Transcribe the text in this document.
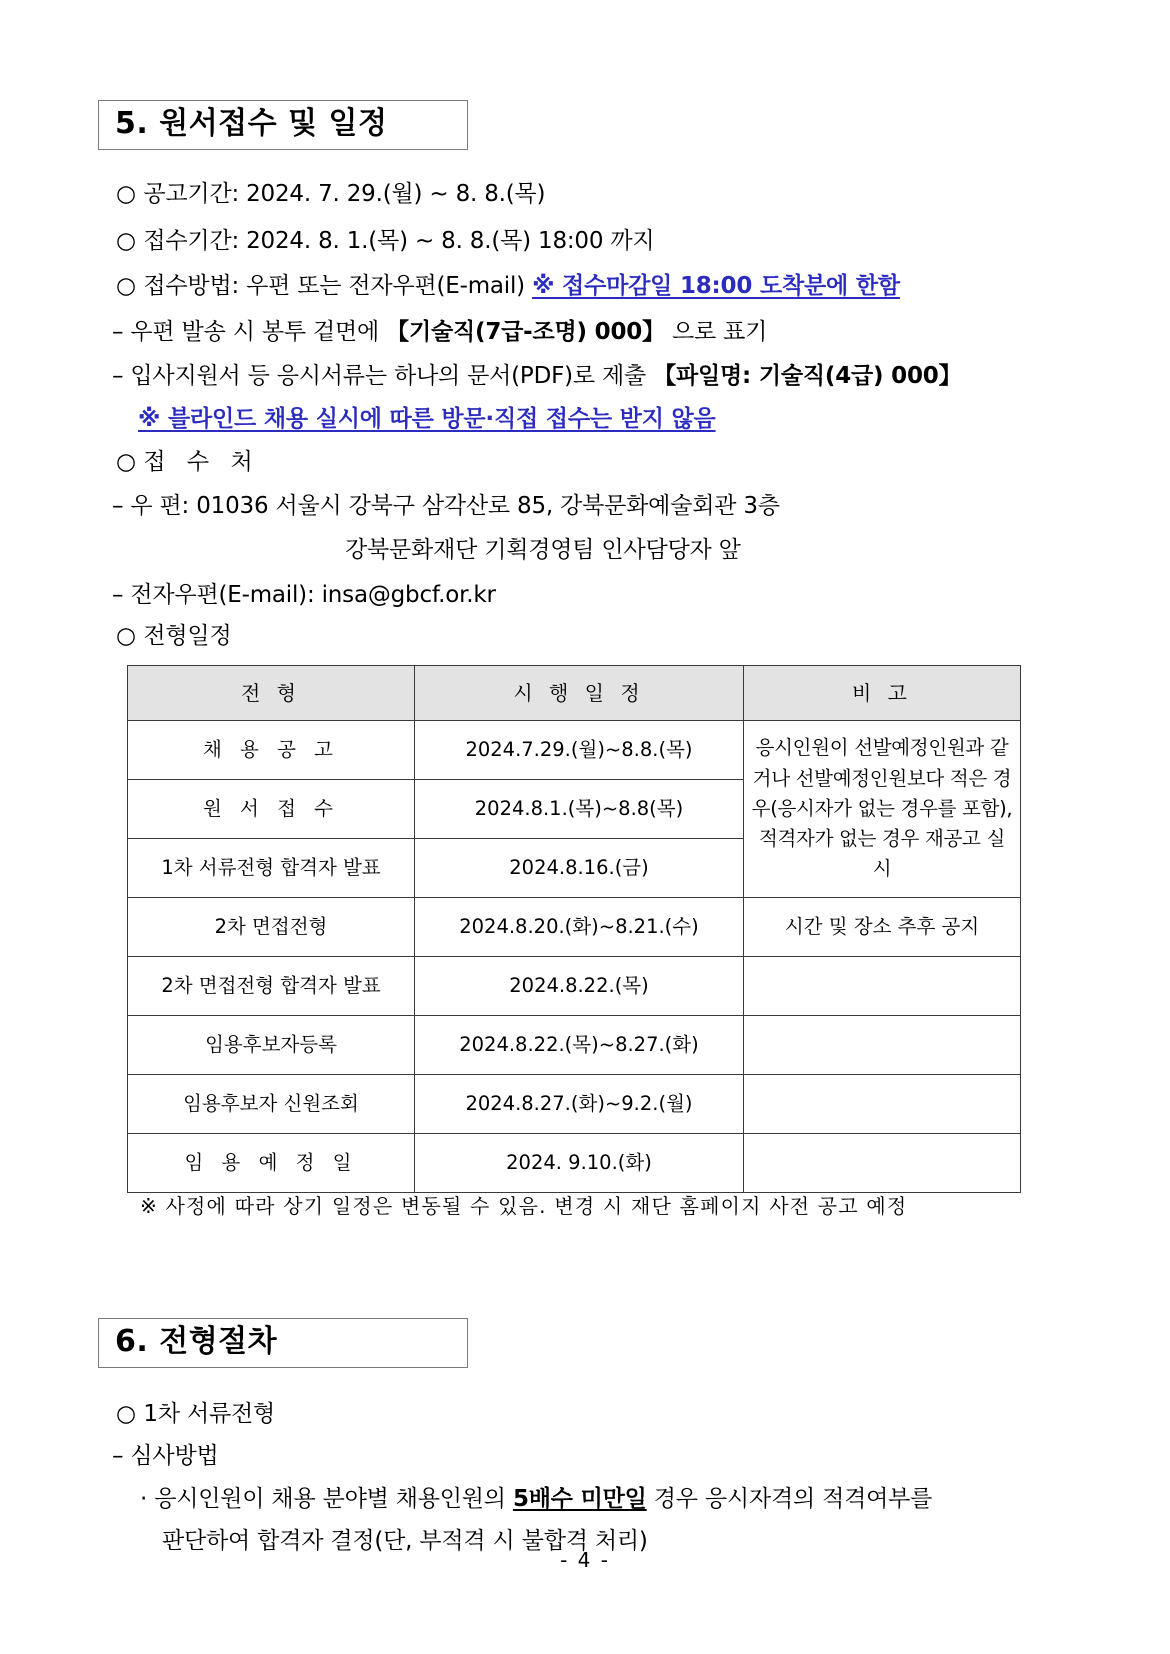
5. 원서접수 및 일정
○ 공고기간: 2024. 7. 29.(월) ~ 8. 8.(목)
○ 접수기간: 2024. 8. 1.(목) ~ 8. 8.(목) 18:00 까지
○ 접수방법: 우편 또는 전자우편(E-mail) ※ 접수마감일 18:00 도착분에 한함
– 우편 발송 시 봉투 겉면에 【기술직(7급-조명) 000】 으로 표기
– 입사지원서 등 응시서류는 하나의 문서(PDF)로 제출 【파일명: 기술직(4급) 000】
※ 블라인드 채용 실시에 따른 방문·직접 접수는 받지 않음
○ 접 수 처
– 우 편: 01036 서울시 강북구 삼각산로 85, 강북문화예술회관 3층
강북문화재단 기획경영팀 인사담당자 앞
– 전자우편(E-mail): insa@gbcf.or.kr
○ 전형일정
전 형	시 행 일 정	비 고
채 용 공 고	2024.7.29.(월)~8.8.(목)	응시인원이 선발예정인원과 같거나 선발예정인원보다 적은 경우(응시자가 없는 경우를 포함), 적격자가 없는 경우 재공고 실시
원 서 접 수	2024.8.1.(목)~8.8(목)	
1차 서류전형 합격자 발표	2024.8.16.(금)	
2차 면접전형	2024.8.20.(화)~8.21.(수)	시간 및 장소 추후 공지
2차 면접전형 합격자 발표	2024.8.22.(목)	
임용후보자등록	2024.8.22.(목)~8.27.(화)	
임용후보자 신원조회	2024.8.27.(화)~9.2.(월)	
임 용 예 정 일	2024. 9.10.(화)	
※ 사정에 따라 상기 일정은 변동될 수 있음. 변경 시 재단 홈페이지 사전 공고 예정
6. 전형절차
○ 1차 서류전형
– 심사방법
· 응시인원이 채용 분야별 채용인원의 5배수 미만일 경우 응시자격의 적격여부를
판단하여 합격자 결정(단, 부적격 시 불합격 처리)
- 4 -
